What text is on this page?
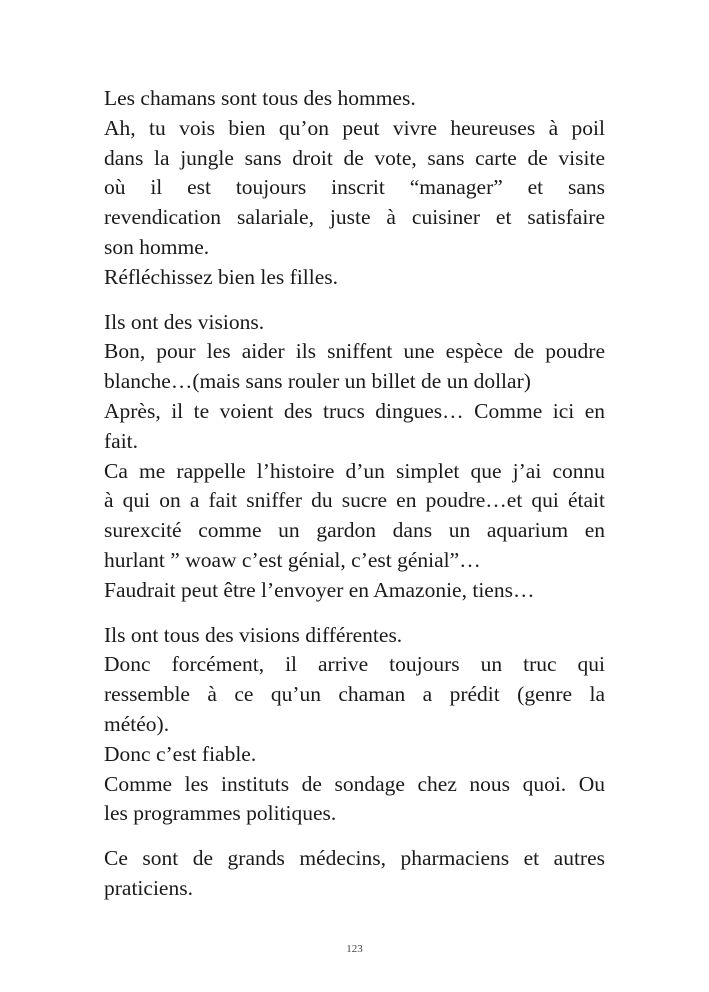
Les chamans sont tous des hommes.
Ah, tu vois bien qu’on peut vivre heureuses à poil
dans la jungle sans droit de vote, sans carte de visite
où il est toujours inscrit “manager” et sans
revendication salariale, juste à cuisiner et satisfaire
son homme.
Réfléchissez bien les filles.
Ils ont des visions.
Bon, pour les aider ils sniffent une espèce de poudre
blanche…(mais sans rouler un billet de un dollar)
Après, il te voient des trucs dingues… Comme ici en
fait.
Ca me rappelle l’histoire d’un simplet que j’ai connu
à qui on a fait sniffer du sucre en poudre…et qui était
surexcité comme un gardon dans un aquarium en
hurlant ” woaw c’est génial, c’est génial”…
Faudrait peut être l’envoyer en Amazonie, tiens…
Ils ont tous des visions différentes.
Donc forcément, il arrive toujours un truc qui
ressemble à ce qu’un chaman a prédit (genre la
météo).
Donc c’est fiable.
Comme les instituts de sondage chez nous quoi. Ou
les programmes politiques.
Ce sont de grands médecins, pharmaciens et autres
praticiens.
123
